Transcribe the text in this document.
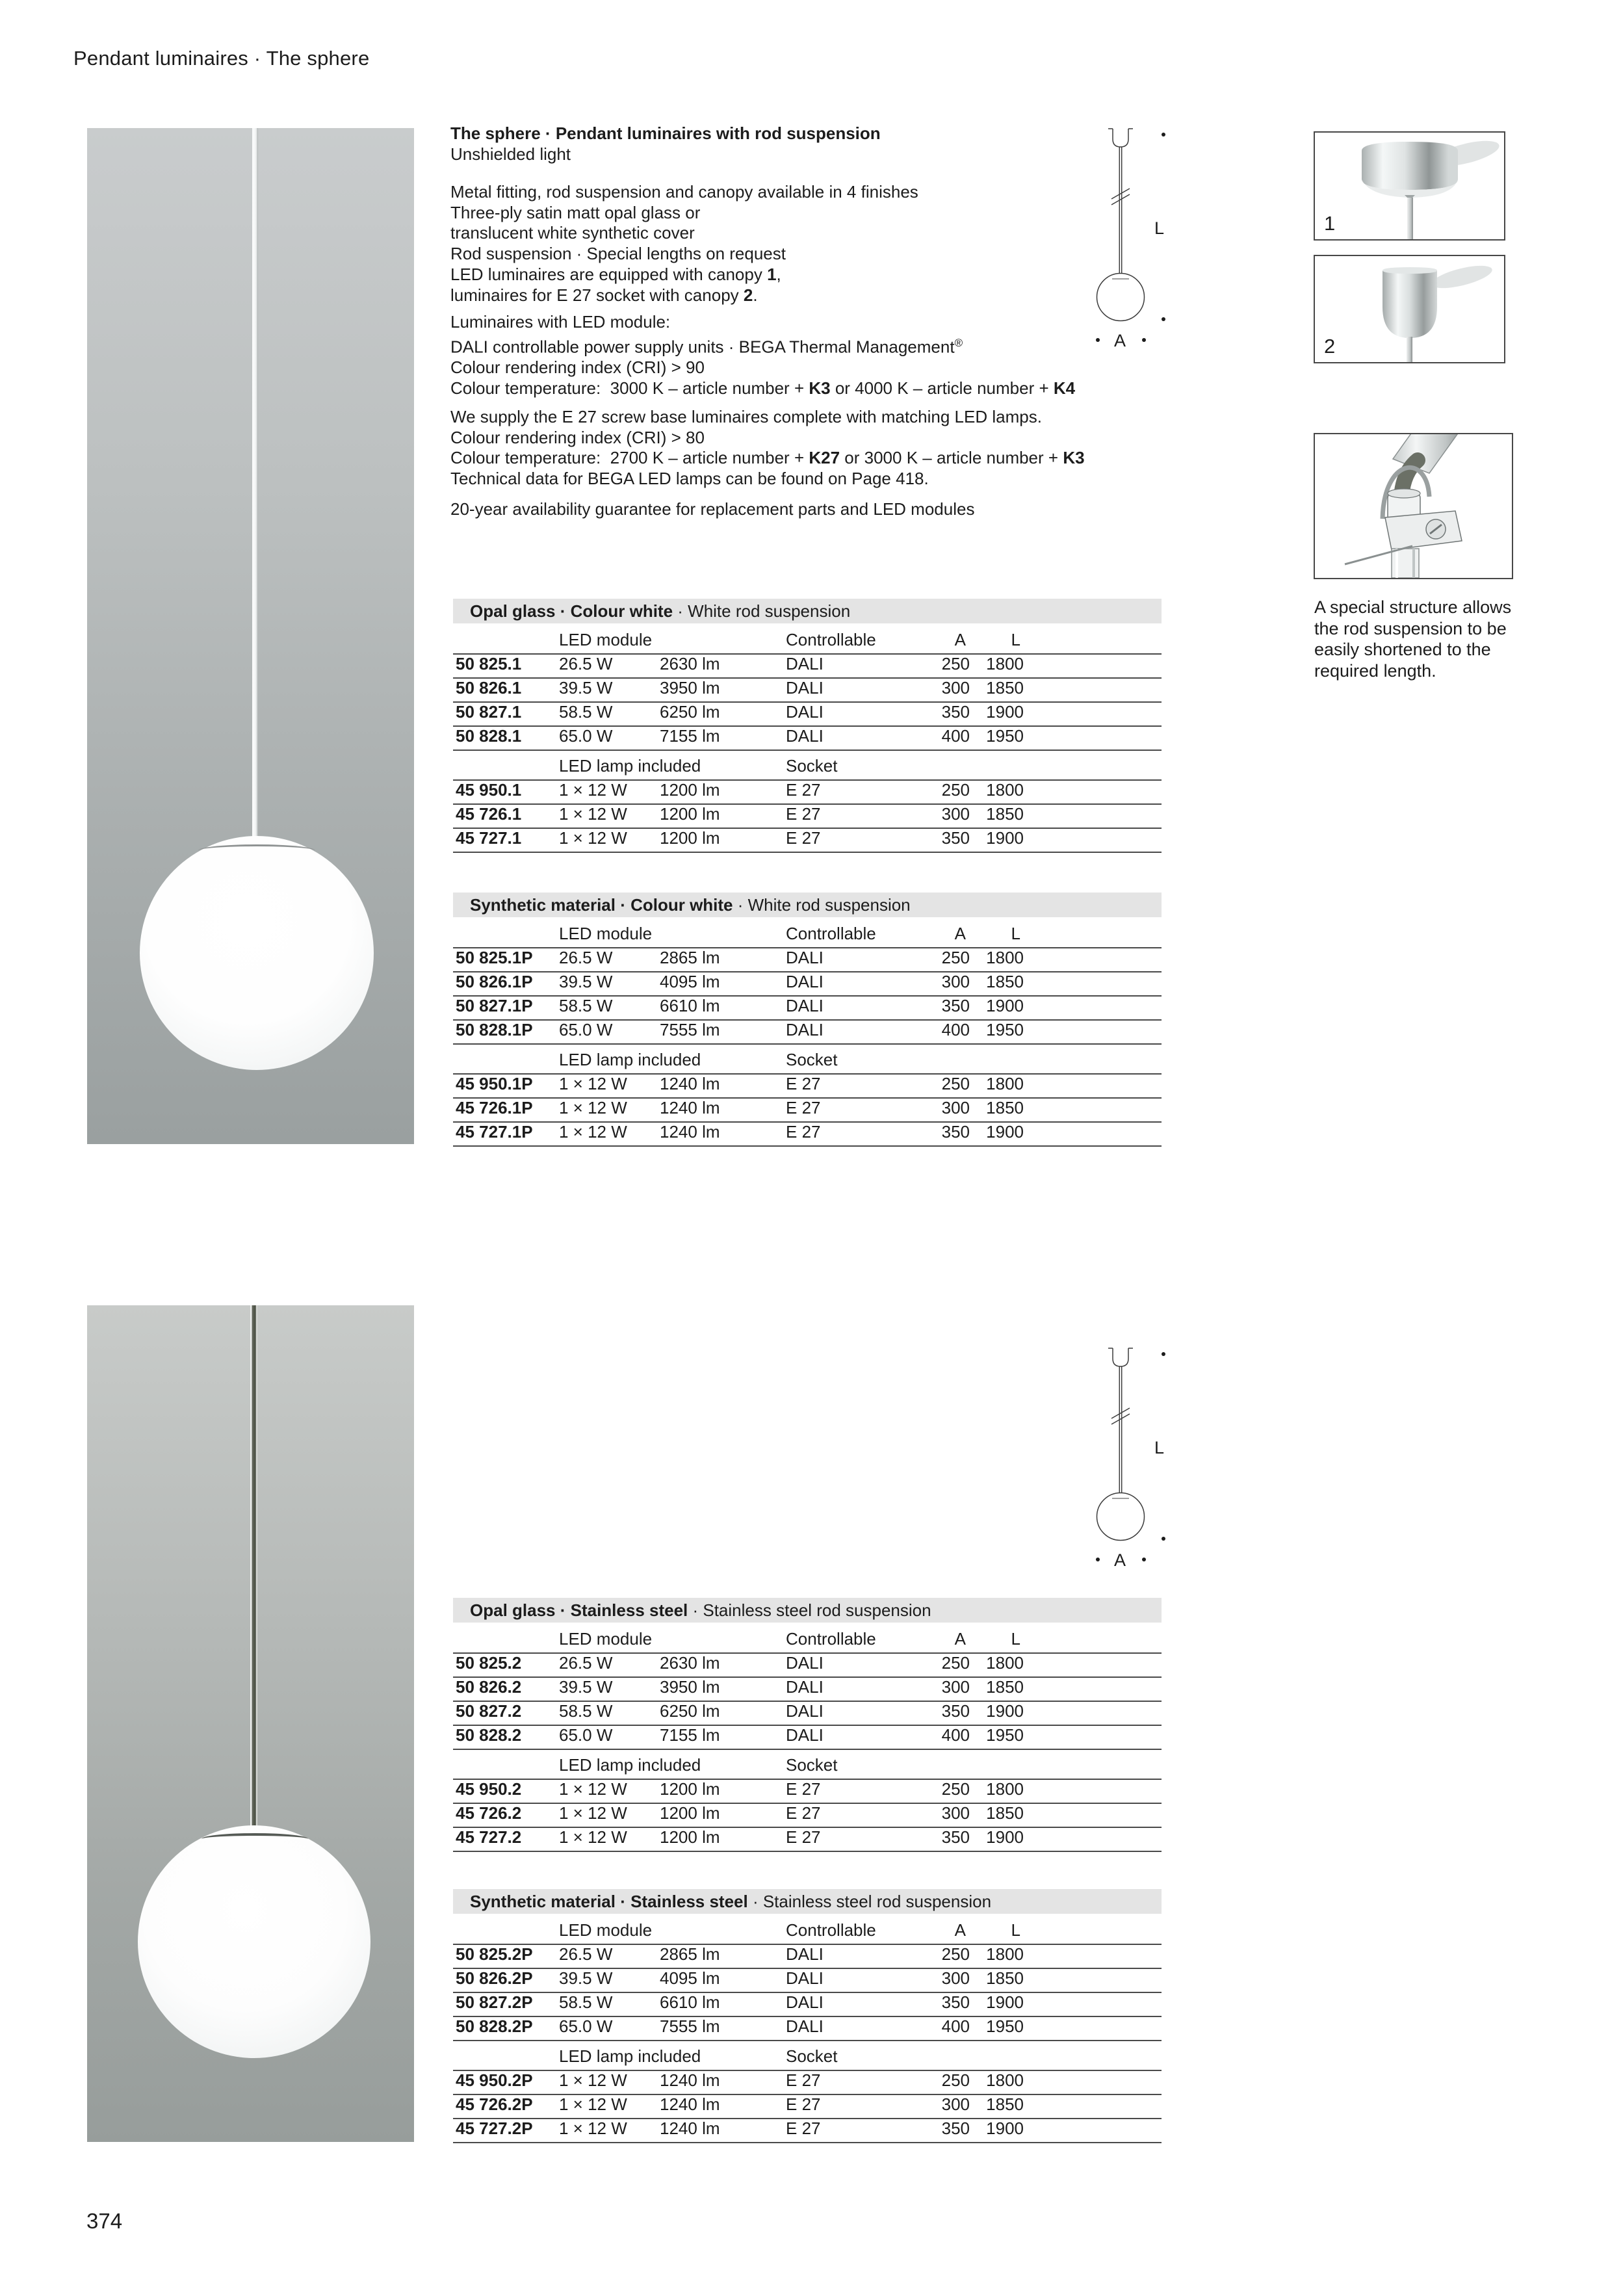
Pendant luminaires · The sphere
The sphere · Pendant luminaires with rod suspension
Unshielded light
Metal fitting, rod suspension and canopy available in 4 finishes
Three-ply satin matt opal glass or
translucent white synthetic cover
Rod suspension · Special lengths on request
LED luminaires are equipped with canopy 1,
luminaires for E 27 socket with canopy 2.
Luminaires with LED module:
DALI controllable power supply units · BEGA Thermal Management®
Colour rendering index (CRI) > 90
Colour temperature:  3000 K – article number + K3 or 4000 K – article number + K4
We supply the E 27 screw base luminaires complete with matching LED lamps.
Colour rendering index (CRI) > 80
Colour temperature:  2700 K – article number + K27 or 3000 K – article number + K3
Technical data for BEGA LED lamps can be found on Page 418.
20-year availability guarantee for replacement parts and LED modules
L
A
L
A
Opal glass · Colour white · White rod suspension
LED module	Controllable	A	L
50 825.1 26.5 W	2630 lm	DALI	250 1800
50 826.1 39.5 W	3950 lm	DALI	300 1850
50 827.1 58.5 W	6250 lm	DALI	350 1900
50 828.1 65.0 W	7155 lm	DALI	400 1950
LED lamp included	Socket
45 950.1 1 × 12 W 1200 lm	E 27	250 1800
45 726.1 1 × 12 W 1200 lm	E 27	300 1850
45 727.1 1 × 12 W 1200 lm	E 27	350 1900
Synthetic material · Colour white · White rod suspension
LED module	Controllable	A	L
50 825.1P 26.5 W	2865 lm	DALI	250 1800
50 826.1P 39.5 W	4095 lm	DALI	300 1850
50 827.1P 58.5 W	6610 lm	DALI	350 1900
50 828.1P 65.0 W	7555 lm	DALI	400 1950
LED lamp included	Socket
45 950.1P 1 × 12 W 1240 lm	E 27	250 1800
45 726.1P 1 × 12 W 1240 lm	E 27	300 1850
45 727.1P 1 × 12 W 1240 lm	E 27	350 1900
Opal glass · Stainless steel · Stainless steel rod suspension
LED module	Controllable	A	L
50 825.2 26.5 W	2630 lm	DALI	250 1800
50 826.2 39.5 W	3950 lm	DALI	300 1850
50 827.2 58.5 W	6250 lm	DALI	350 1900
50 828.2 65.0 W	7155 lm	DALI	400 1950
LED lamp included	Socket
45 950.2 1 × 12 W 1200 lm	E 27	250 1800
45 726.2 1 × 12 W 1200 lm	E 27	300 1850
45 727.2 1 × 12 W 1200 lm	E 27	350 1900
Synthetic material · Stainless steel · Stainless steel rod suspension
LED module	Controllable	A	L
50 825.2P 26.5 W	2865 lm	DALI	250 1800
50 826.2P 39.5 W	4095 lm	DALI	300 1850
50 827.2P 58.5 W	6610 lm	DALI	350 1900
50 828.2P 65.0 W	7555 lm	DALI	400 1950
LED lamp included	Socket
45 950.2P 1 × 12 W 1240 lm	E 27	250 1800
45 726.2P 1 × 12 W 1240 lm	E 27	300 1850
45 727.2P 1 × 12 W 1240 lm	E 27	350 1900
1
2
A special structure allows
the rod suspension to be
easily shortened to the
required length.
374
